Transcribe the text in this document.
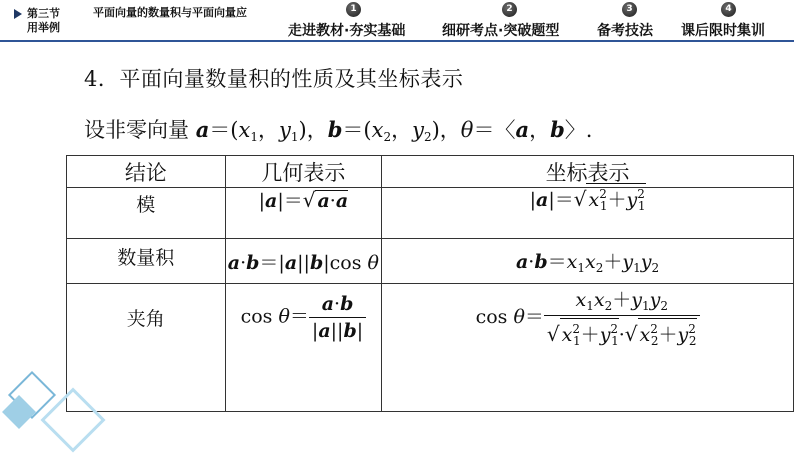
第三节	平面向量的数量积与平面向量应用举例
1
走进教材·夯实基础
2
细研考点·突破题型
3
备考技法
4
课后限时集训
4．平面向量数量积的性质及其坐标表示
设非零向量 $a=(x_1$，$y_1$)，$b=(x_2$，$y_2$)，θ＝〈a，b〉.
结论	几何表示	坐标表示
模	|a|＝√ a·a	|a|＝√ $x^2_1+y^2_1$
数量积	a·b＝|a||b|cos θ	$a\cdot b=x_1x_2+y_1y_2$
夹角	$\cos \theta= \frac{a\cdot b}{|a||b|}$	$\cos \theta= \frac{x_1x_2+y_1y_2}{√ x^2_1+y^2_1\cdot√ x^2_2+y^2_2}$
